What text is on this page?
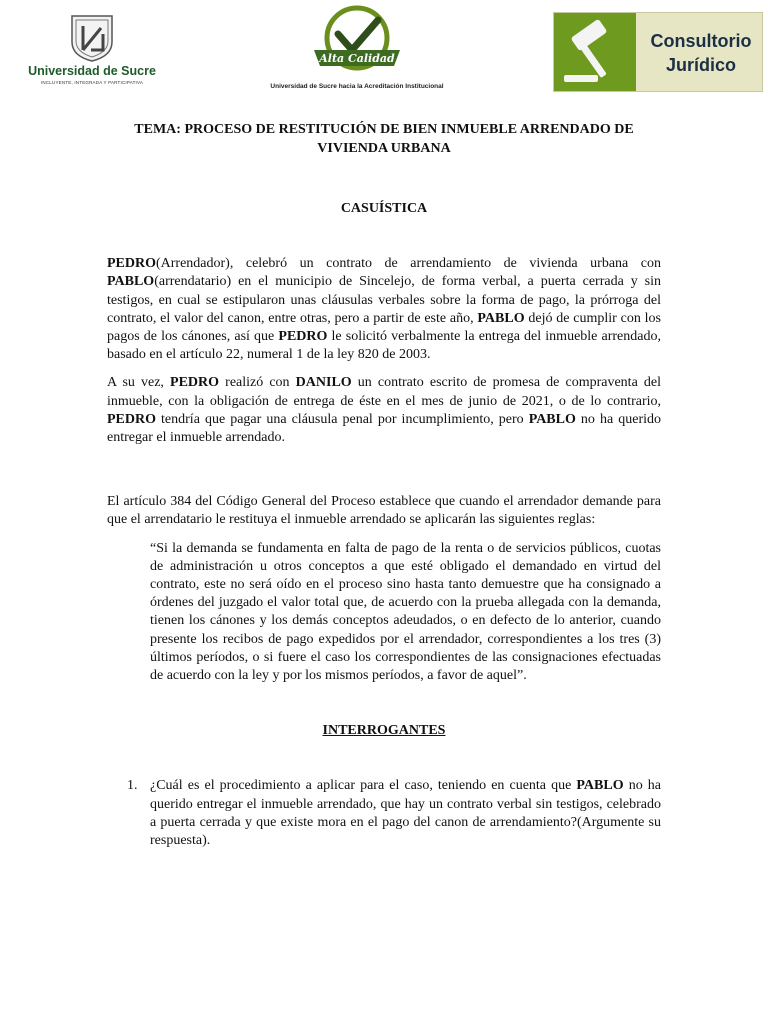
Universidad de Sucre
INCLUYENTE, INTEGRADA Y PARTICIPATIVA
Alta Calidad
Universidad de Sucre hacia la Acreditación Institucional
Consultorio
Jurídico
TEMA: PROCESO DE RESTITUCIÓN DE BIEN INMUEBLE ARRENDADO DE VIVIENDA URBANA
CASUÍSTICA

PEDRO(Arrendador), celebró un contrato de arrendamiento de vivienda urbana con PABLO(arrendatario) en el municipio de Sincelejo, de forma verbal, a puerta cerrada y sin testigos, en cual se estipularon unas cláusulas verbales sobre la forma de pago, la prórroga del contrato, el valor del canon, entre otras, pero a partir de este año, PABLO dejó de cumplir con los pagos de los cánones, así que PEDRO le solicitó verbalmente la entrega del inmueble arrendado, basado en el artículo 22, numeral 1 de la ley 820 de 2003.

A su vez, PEDRO realizó con DANILO un contrato escrito de promesa de compraventa del inmueble, con la obligación de entrega de éste en el mes de junio de 2021, o de lo contrario, PEDRO tendría que pagar una cláusula penal por incumplimiento, pero PABLO no ha querido entregar el inmueble arrendado.

El artículo 384 del Código General del Proceso establece que cuando el arrendador demande para que el arrendatario le restituya el inmueble arrendado se aplicarán las siguientes reglas:

“Si la demanda se fundamenta en falta de pago de la renta o de servicios públicos, cuotas de administración u otros conceptos a que esté obligado el demandado en virtud del contrato, este no será oído en el proceso sino hasta tanto demuestre que ha consignado a órdenes del juzgado el valor total que, de acuerdo con la prueba allegada con la demanda, tienen los cánones y los demás conceptos adeudados, o en defecto de lo anterior, cuando presente los recibos de pago expedidos por el arrendador, correspondientes a los tres (3) últimos períodos, o si fuere el caso los correspondientes de las consignaciones efectuadas de acuerdo con la ley y por los mismos períodos, a favor de aquel”.

INTERROGANTES
1. ¿Cuál es el procedimiento a aplicar para el caso, teniendo en cuenta que PABLO no ha querido entregar el inmueble arrendado, que hay un contrato verbal sin testigos, celebrado a puerta cerrada y que existe mora en el pago del canon de arrendamiento?(Argumente su respuesta).
